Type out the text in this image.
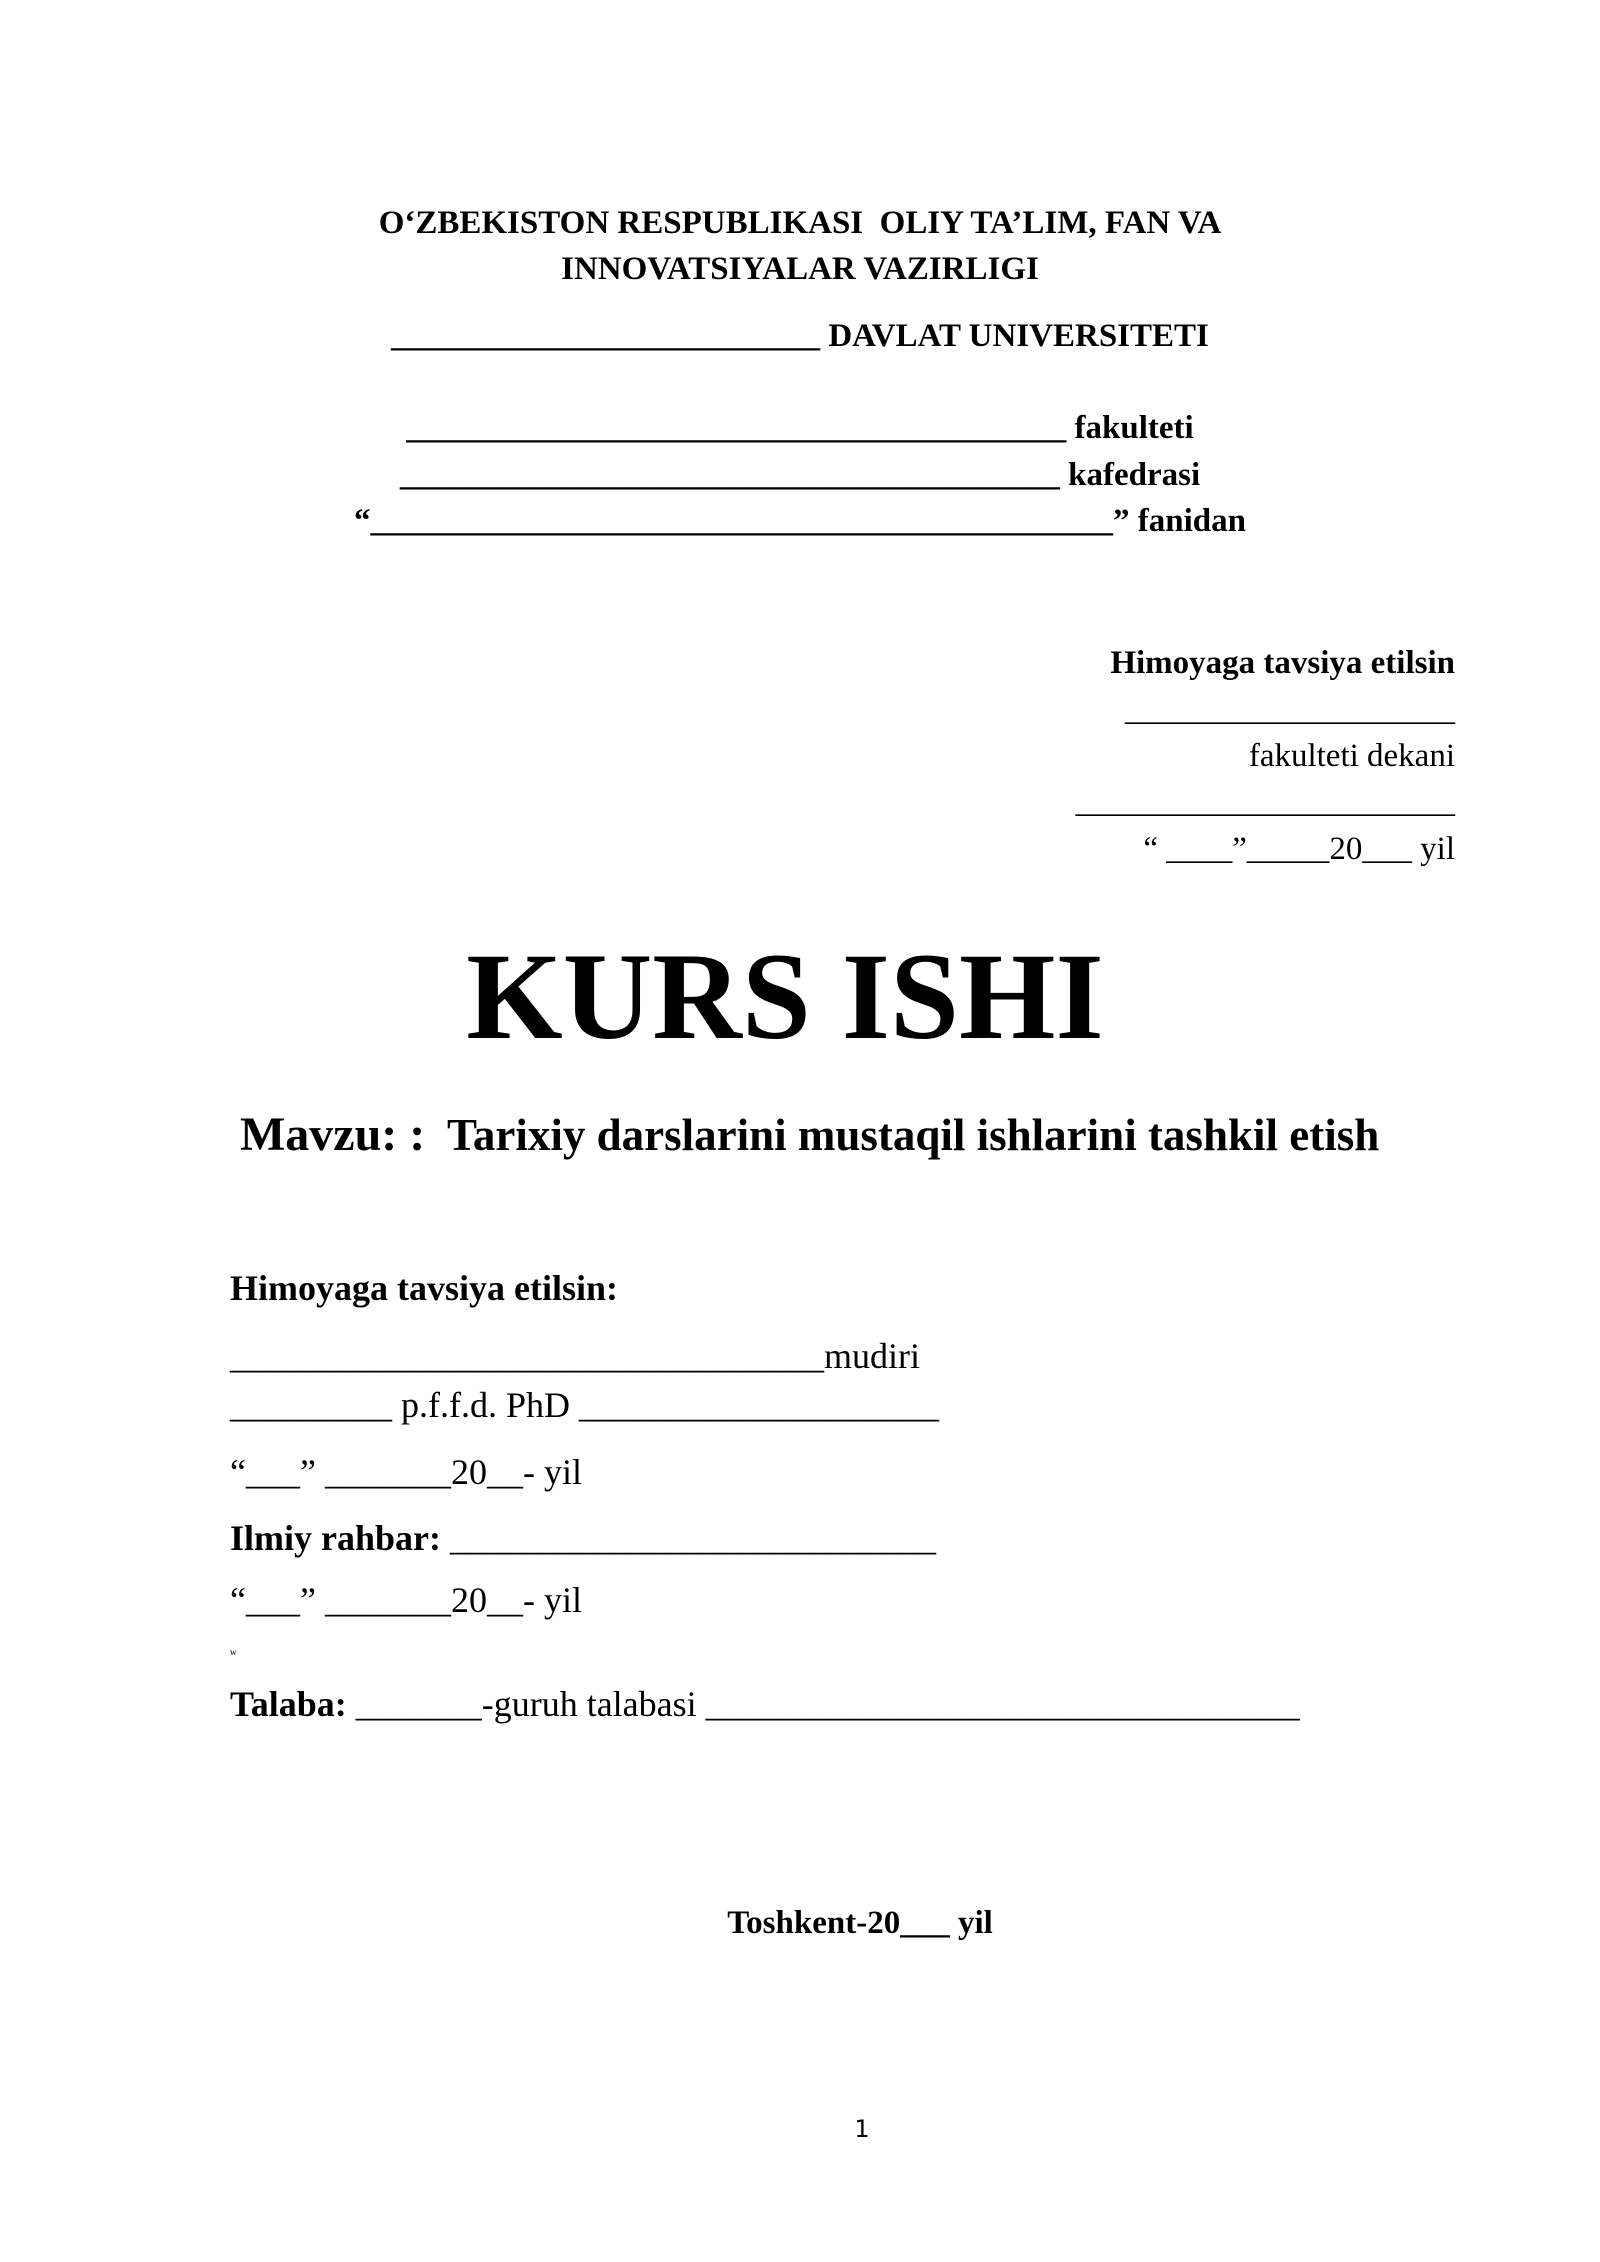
O‘ZBEKISTON RESPUBLIKASI  OLIY TA’LIM, FAN VA
INNOVATSIYALAR VAZIRLIGI
__________________________ DAVLAT UNIVERSITETI
________________________________________ fakulteti
________________________________________ kafedrasi
“_____________________________________________” fanidan
Himoyaga tavsiya etilsin
____________________
fakulteti dekani
_______________________
“ ____”_____20___ yil
KURS ISHI
Mavzu: :  Tarixiy darslarini mustaqil ishlarini tashkil etish
Himoyaga tavsiya etilsin:
_________________________________mudiri
_________ p.f.f.d. PhD ____________________
“___” _______20__- yil
Ilmiy rahbar: ___________________________
“___” _______20__- yil
w
Talaba: _______-guruh talabasi _________________________________
Toshkent-20___ yil
1
